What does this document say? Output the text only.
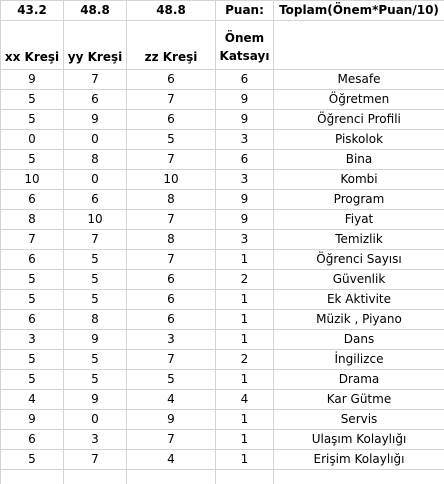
43.2	48.8	48.8	Puan:	Toplam(Önem*Puan/10)

xx Kreşi	yy Kreşi	zz Kreşi	Önem
Katsayı	

9	7	6	6	Mesafe
5	6	7	9	Öğretmen
5	9	6	9	Öğrenci Profili
0	0	5	3	Piskolok
5	8	7	6	Bina
10	0	10	3	Kombi
6	6	8	9	Program
8	10	7	9	Fiyat
7	7	8	3	Temizlik
6	5	7	1	Öğrenci Sayısı
5	5	6	2	Güvenlik
5	5	6	1	Ek Aktivite
6	8	6	1	Müzik , Piyano
3	9	3	1	Dans
5	5	7	2	İngilizce
5	5	5	1	Drama
4	9	4	4	Kar Gütme
9	0	9	1	Servis
6	3	7	1	Ulaşım Kolaylığı
5	7	4	1	Erişim Kolaylığı
